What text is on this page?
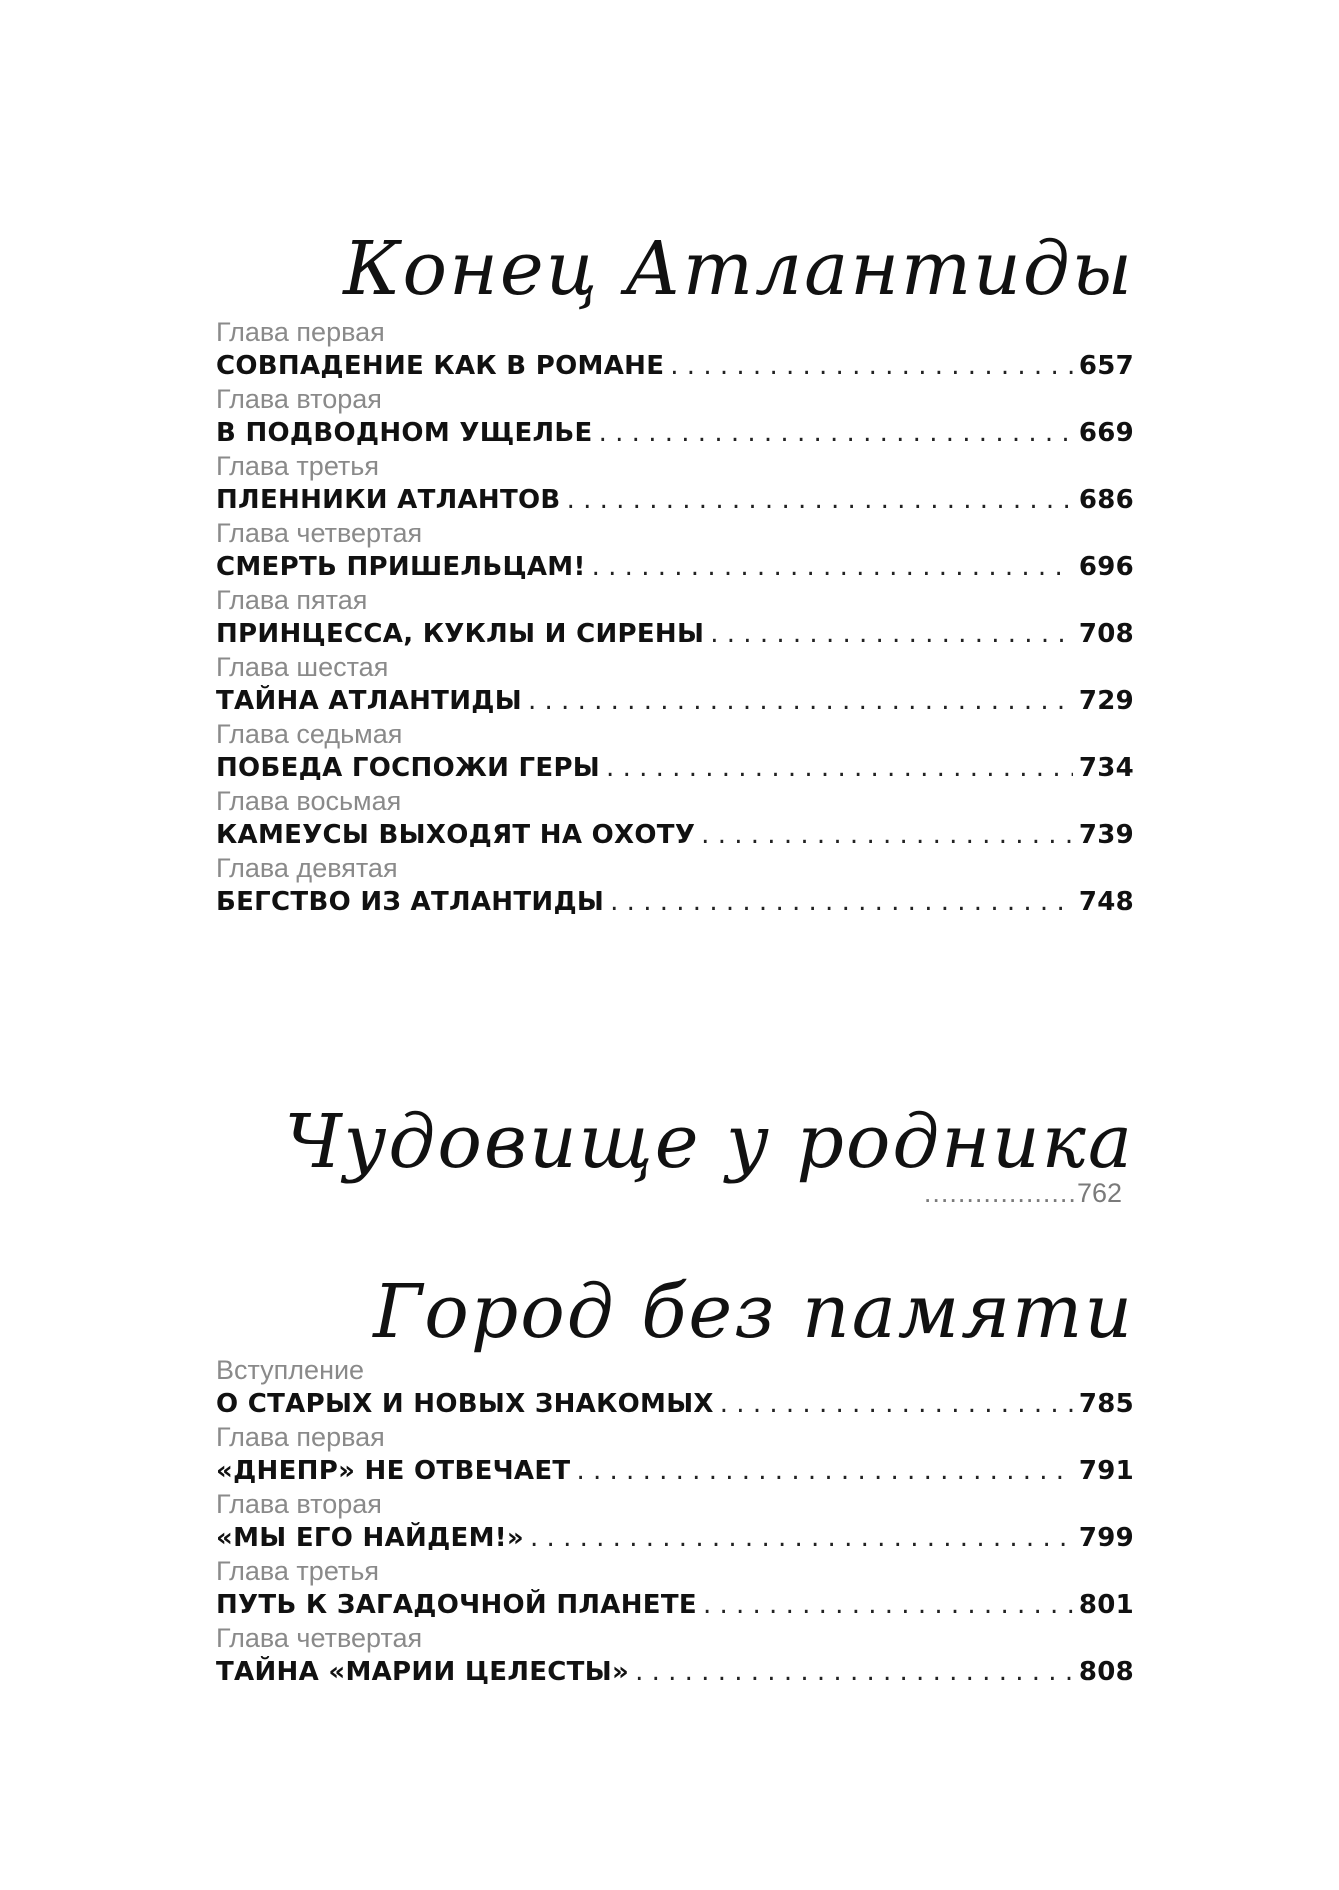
Конец Атлантиды
Глава первая
СОВПАДЕНИЕ КАК В РОМАНЕ . . .	657
Глава вторая
В ПОДВОДНОМ УЩЕЛЬЕ . . .	669
Глава третья
ПЛЕННИКИ АТЛАНТОВ . . .	686
Глава четвертая
СМЕРТЬ ПРИШЕЛЬЦАМ! . . .	696
Глава пятая
ПРИНЦЕССА, КУКЛЫ И СИРЕНЫ . . .	708
Глава шестая
ТАЙНА АТЛАНТИДЫ . . .	729
Глава седьмая
ПОБЕДА ГОСПОЖИ ГЕРЫ . . .	734
Глава восьмая
КАМЕУСЫ ВЫХОДЯТ НА ОХОТУ . . .	739
Глава девятая
БЕГСТВО ИЗ АТЛАНТИДЫ . . .	748
Чудовище у родника
..................762
Город без памяти
Вступление
О СТАРЫХ И НОВЫХ ЗНАКОМЫХ . . .	785
Глава первая
«ДНЕПР» НЕ ОТВЕЧАЕТ . . .	791
Глава вторая
«МЫ ЕГО НАЙДЕМ!» . . .	799
Глава третья
ПУТЬ К ЗАГАДОЧНОЙ ПЛАНЕТЕ . . .	801
Глава четвертая
ТАЙНА «МАРИИ ЦЕЛЕСТЫ» . . .	808
